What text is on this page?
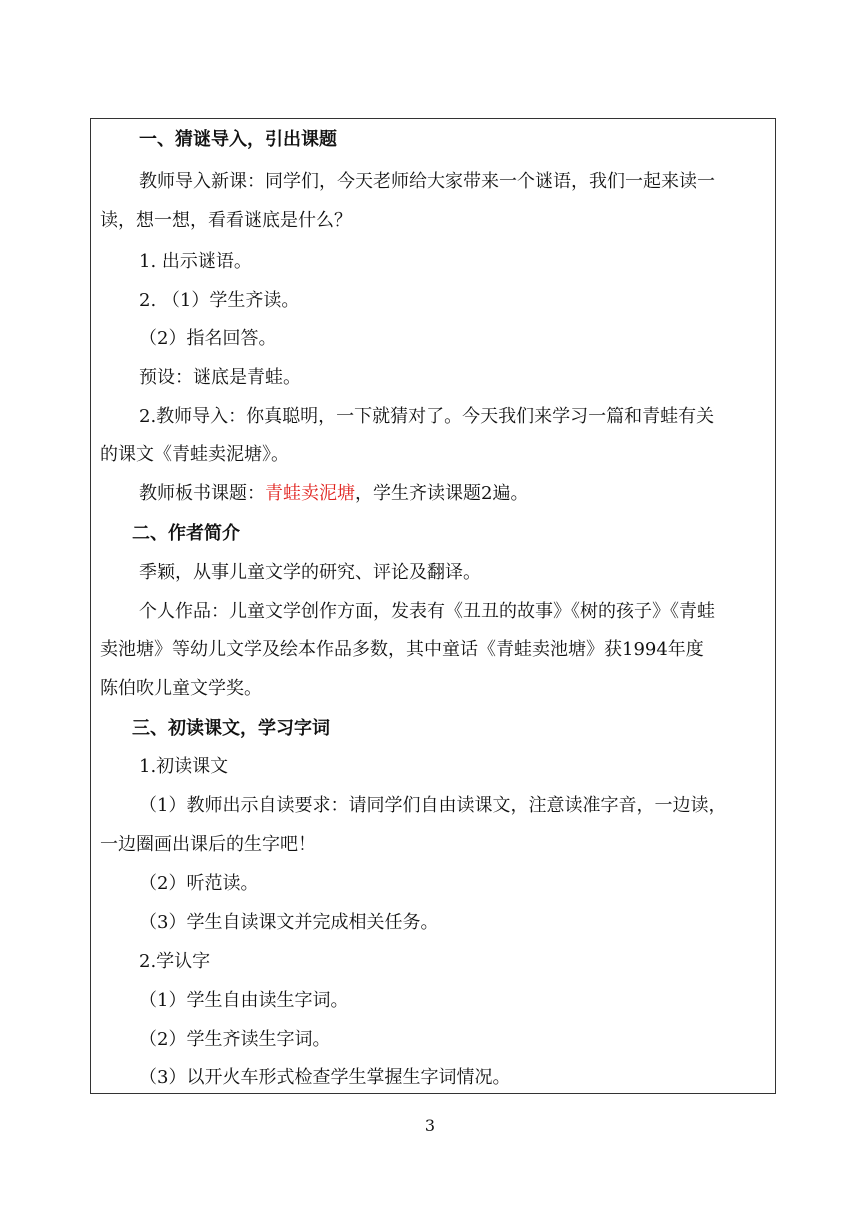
一、猜谜导入，引出课题
教师导入新课：同学们，今天老师给大家带来一个谜语，我们一起来读一
读，想一想，看看谜底是什么？
1. 出示谜语。
2. （1）学生齐读。
（2）指名回答。
预设：谜底是青蛙。
2.教师导入：你真聪明，一下就猜对了。今天我们来学习一篇和青蛙有关
的课文《青蛙卖泥塘》。
教师板书课题：青蛙卖泥塘，学生齐读课题2遍。
二、作者简介
季颖，从事儿童文学的研究、评论及翻译。
个人作品：儿童文学创作方面，发表有《丑丑的故事》《树的孩子》《青蛙
卖池塘》等幼儿文学及绘本作品多数，其中童话《青蛙卖池塘》获1994年度
陈伯吹儿童文学奖。
三、初读课文，学习字词
1.初读课文
（1）教师出示自读要求：请同学们自由读课文，注意读准字音，一边读，
一边圈画出课后的生字吧！
（2）听范读。
（3）学生自读课文并完成相关任务。
2.学认字
（1）学生自由读生字词。
（2）学生齐读生字词。
（3）以开火车形式检查学生掌握生字词情况。
3
